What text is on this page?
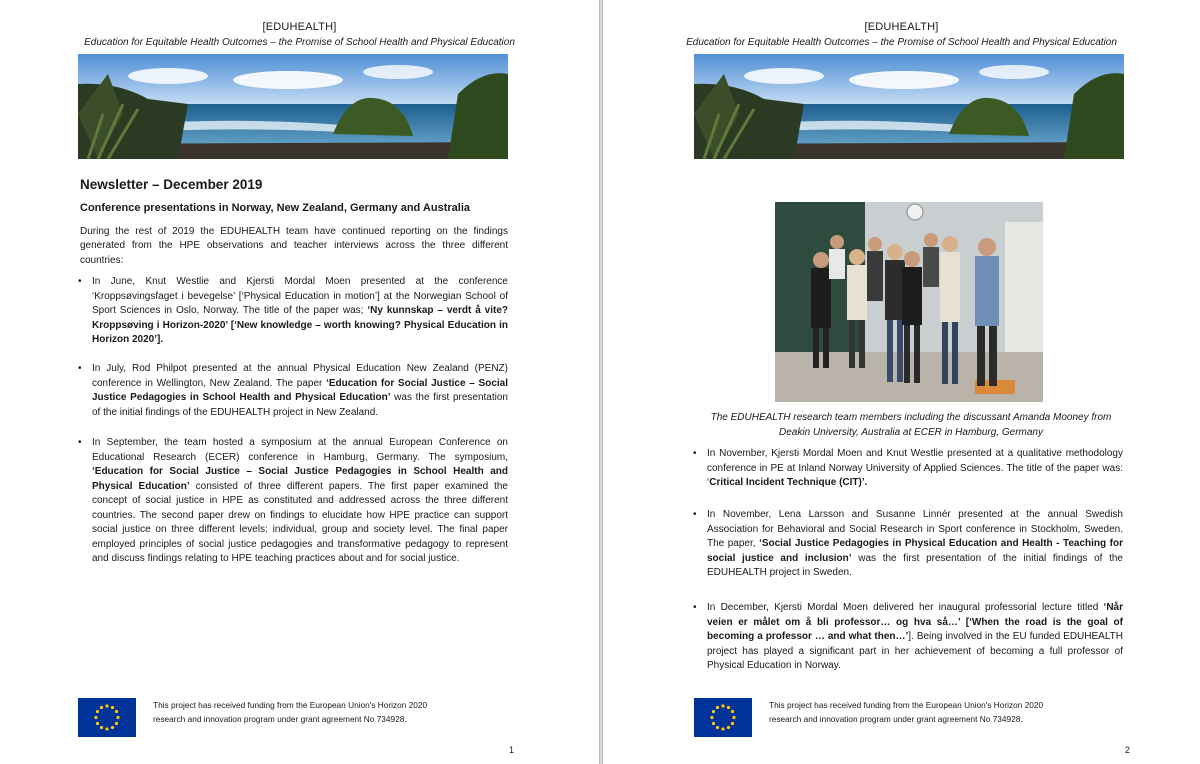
[EDUHEALTH]
Education for Equitable Health Outcomes – the Promise of School Health and Physical Education
Newsletter – December 2019
Conference presentations in Norway, New Zealand, Germany and Australia
During the rest of 2019 the EDUHEALTH team have continued reporting on the findings generated from the HPE observations and teacher interviews across the three different countries:
• In June, Knut Westlie and Kjersti Mordal Moen presented at the conference ‘Kroppsøvingsfaget i bevegelse’ [‘Physical Education in motion’] at the Norwegian School of Sport Sciences in Oslo, Norway. The title of the paper was; ‘Ny kunnskap – verdt å vite? Kroppsøving i Horizon-2020’ [‘New knowledge – worth knowing? Physical Education in Horizon 2020’].
• In July, Rod Philpot presented at the annual Physical Education New Zealand (PENZ) conference in Wellington, New Zealand. The paper ‘Education for Social Justice – Social Justice Pedagogies in School Health and Physical Education’ was the first presentation of the initial findings of the EDUHEALTH project in New Zealand.
• In September, the team hosted a symposium at the annual European Conference on Educational Research (ECER) conference in Hamburg, Germany. The symposium, ‘Education for Social Justice – Social Justice Pedagogies in School Health and Physical Education’ consisted of three different papers. The first paper examined the concept of social justice in HPE as constituted and addressed across the three different countries. The second paper drew on findings to elucidate how HPE practice can support social justice on three different levels: individual, group and society level. The final paper employed principles of social justice pedagogies and transformative pedagogy to represent and discuss findings relating to HPE teaching practices about and for social justice.
This project has received funding from the European Union's Horizon 2020
research and innovation program under grant agreement No 734928.
1
[EDUHEALTH]
Education for Equitable Health Outcomes – the Promise of School Health and Physical Education
The EDUHEALTH research team members including the discussant Amanda Mooney from Deakin University, Australia at ECER in Hamburg, Germany
• In November, Kjersti Mordal Moen and Knut Westlie presented at a qualitative methodology conference in PE at Inland Norway University of Applied Sciences. The title of the paper was: ‘Critical Incident Technique (CIT)’.
• In November, Lena Larsson and Susanne Linnér presented at the annual Swedish Association for Behavioral and Social Research in Sport conference in Stockholm, Sweden. The paper, ‘Social Justice Pedagogies in Physical Education and Health - Teaching for social justice and inclusion’ was the first presentation of the initial findings of the EDUHEALTH project in Sweden.
• In December, Kjersti Mordal Moen delivered her inaugural professorial lecture titled ‘Når veien er målet om å bli professor… og hva så…’ [‘When the road is the goal of becoming a professor … and what then…’]. Being involved in the EU funded EDUHEALTH project has played a significant part in her achievement of becoming a full professor of Physical Education in Norway.
This project has received funding from the European Union's Horizon 2020
research and innovation program under grant agreement No 734928.
2
